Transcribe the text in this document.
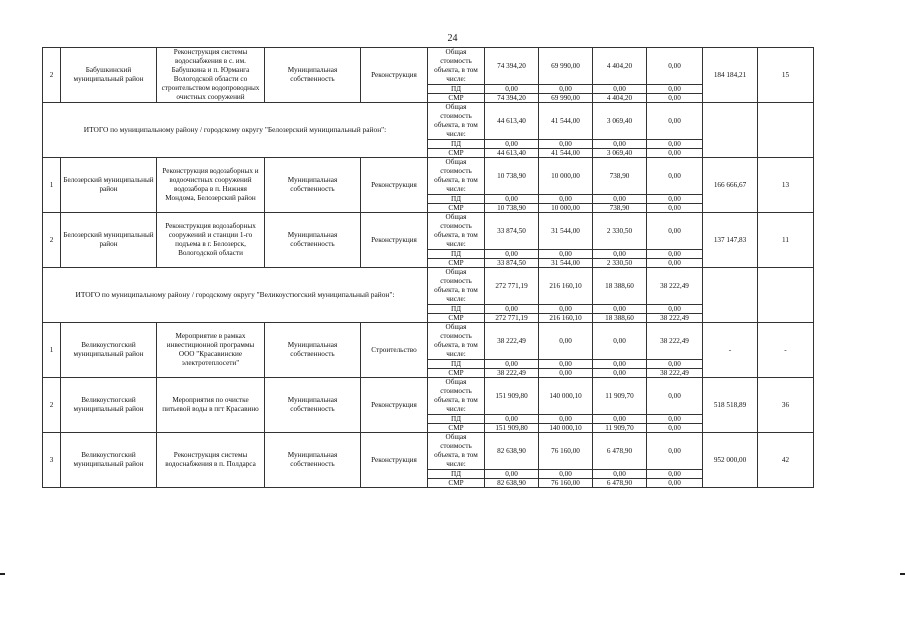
24
2	Бабушкинский муниципальный район	Реконструкция системы водоснабжения в с. им. Бабушкина и п. Юрманга Вологодской области со строительством водопроводных очистных сооружений	Муниципальная собственность	Реконструкция	Общая стоимость объекта, в том числе:	74 394,20	69 990,00	4 404,20	0,00	184 184,21	15
					ПД	0,00	0,00	0,00	0,00		
					СМР	74 394,20	69 990,00	4 404,20	0,00		
ИТОГО по муниципальному району / городскому округу "Белозерский муниципальный район":					Общая стоимость объекта, в том числе:	44 613,40	41 544,00	3 069,40	0,00		
					ПД	0,00	0,00	0,00	0,00		
					СМР	44 613,40	41 544,00	3 069,40	0,00		
1	Белозерский муниципальный район	Реконструкция водозаборных и водоочистных сооружений водозабора в п. Нижняя Мондома, Белозерский район	Муниципальная собственность	Реконструкция	Общая стоимость объекта, в том числе:	10 738,90	10 000,00	738,90	0,00	166 666,67	13
					ПД	0,00	0,00	0,00	0,00		
					СМР	10 738,90	10 000,00	738,90	0,00		
2	Белозерский муниципальный район	Реконструкция водозаборных сооружений и станции 1-го подъема в г. Белозерск, Вологодской области	Муниципальная собственность	Реконструкция	Общая стоимость объекта, в том числе:	33 874,50	31 544,00	2 330,50	0,00	137 147,83	11
					ПД	0,00	0,00	0,00	0,00		
					СМР	33 874,50	31 544,00	2 330,50	0,00		
ИТОГО по муниципальному району / городскому округу "Великоустюгский муниципальный район":					Общая стоимость объекта, в том числе:	272 771,19	216 160,10	18 388,60	38 222,49		
					ПД	0,00	0,00	0,00	0,00		
					СМР	272 771,19	216 160,10	18 388,60	38 222,49		
1	Великоустюгский муниципальный район	Мероприятие в рамках инвестиционной программы ООО "Красавинские электротеплосети"	Муниципальная собственность	Строительство	Общая стоимость объекта, в том числе:	38 222,49	0,00	0,00	38 222,49	-	-
					ПД	0,00	0,00	0,00	0,00		
					СМР	38 222,49	0,00	0,00	38 222,49		
2	Великоустюгский муниципальный район	Мероприятия по очистке питьевой воды в пгт Красавино	Муниципальная собственность	Реконструкция	Общая стоимость объекта, в том числе:	151 909,80	140 000,10	11 909,70	0,00	518 518,89	36
					ПД	0,00	0,00	0,00	0,00		
					СМР	151 909,80	140 000,10	11 909,70	0,00		
3	Великоустюгский муниципальный район	Реконструкция системы водоснабжения в п. Полдарса	Муниципальная собственность	Реконструкция	Общая стоимость объекта, в том числе:	82 638,90	76 160,00	6 478,90	0,00	952 000,00	42
					ПД	0,00	0,00	0,00	0,00		
					СМР	82 638,90	76 160,00	6 478,90	0,00		
